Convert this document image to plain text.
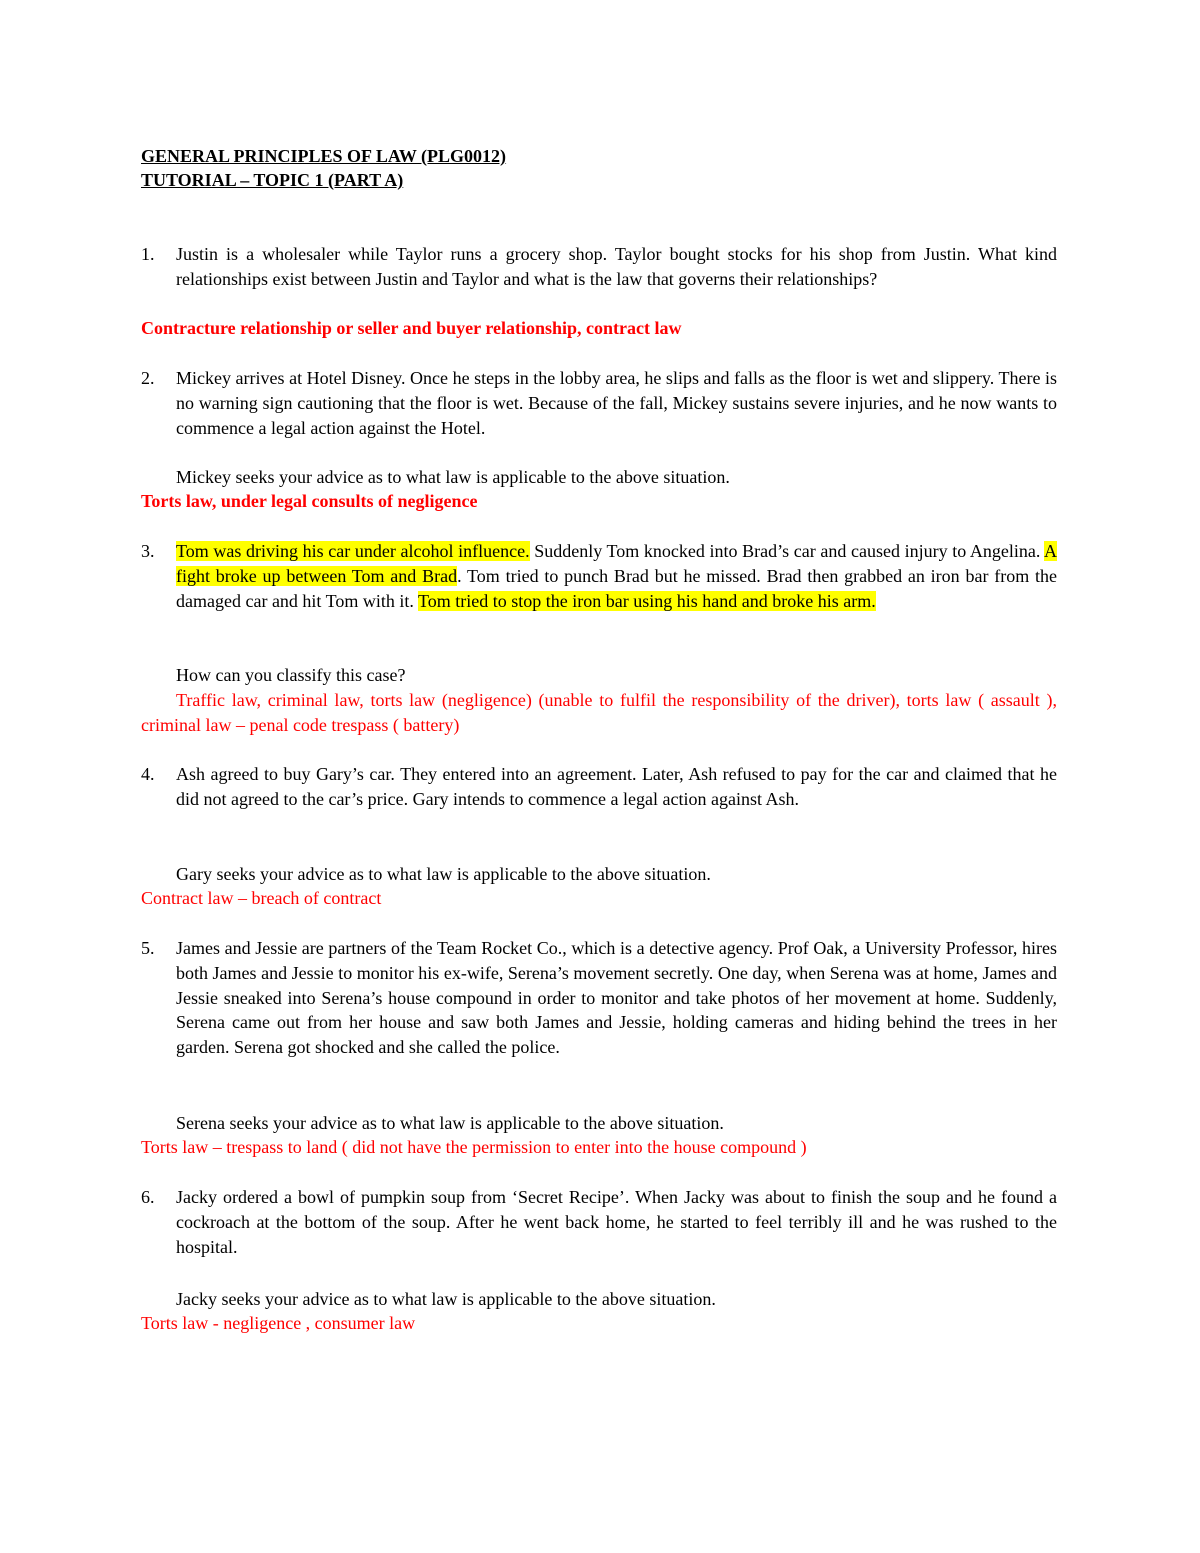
GENERAL PRINCIPLES OF LAW (PLG0012)
TUTORIAL – TOPIC 1 (PART A)
1. Justin is a wholesaler while Taylor runs a grocery shop. Taylor bought stocks for his shop from Justin. What kind relationships exist between Justin and Taylor and what is the law that governs their relationships?
Contracture relationship or seller and buyer relationship, contract law
2. Mickey arrives at Hotel Disney. Once he steps in the lobby area, he slips and falls as the floor is wet and slippery. There is no warning sign cautioning that the floor is wet. Because of the fall, Mickey sustains severe injuries, and he now wants to commence a legal action against the Hotel.
Mickey seeks your advice as to what law is applicable to the above situation.
Torts law, under legal consults of negligence
3. Tom was driving his car under alcohol influence. Suddenly Tom knocked into Brad’s car and caused injury to Angelina. A fight broke up between Tom and Brad. Tom tried to punch Brad but he missed. Brad then grabbed an iron bar from the damaged car and hit Tom with it. Tom tried to stop the iron bar using his hand and broke his arm.
How can you classify this case?
Traffic law, criminal law, torts law (negligence) (unable to fulfil the responsibility of the driver), torts law ( assault ), criminal law – penal code trespass ( battery)
4. Ash agreed to buy Gary’s car. They entered into an agreement. Later, Ash refused to pay for the car and claimed that he did not agreed to the car’s price. Gary intends to commence a legal action against Ash.
Gary seeks your advice as to what law is applicable to the above situation.
Contract law – breach of contract
5. James and Jessie are partners of the Team Rocket Co., which is a detective agency. Prof Oak, a University Professor, hires both James and Jessie to monitor his ex-wife, Serena’s movement secretly. One day, when Serena was at home, James and Jessie sneaked into Serena’s house compound in order to monitor and take photos of her movement at home. Suddenly, Serena came out from her house and saw both James and Jessie, holding cameras and hiding behind the trees in her garden. Serena got shocked and she called the police.
Serena seeks your advice as to what law is applicable to the above situation.
Torts law – trespass to land ( did not have the permission to enter into the house compound )
6. Jacky ordered a bowl of pumpkin soup from ‘Secret Recipe’. When Jacky was about to finish the soup and he found a cockroach at the bottom of the soup. After he went back home, he started to feel terribly ill and he was rushed to the hospital.
Jacky seeks your advice as to what law is applicable to the above situation.
Torts law - negligence , consumer law
